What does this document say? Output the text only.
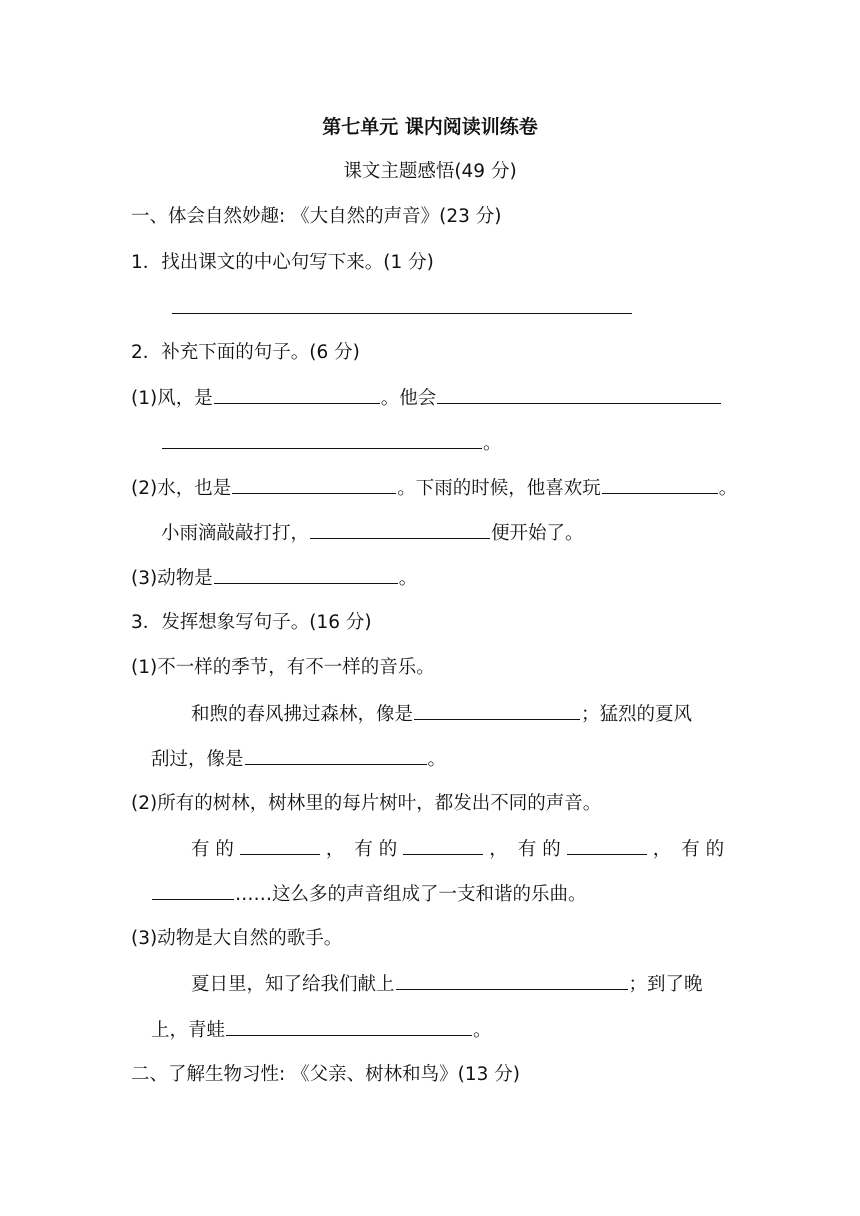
第七单元 课内阅读训练卷
课文主题感悟(49 分)
一、体会自然妙趣: 《大自然的声音》(23 分)
1．找出课文的中心句写下来。(1 分)
2．补充下面的句子。(6 分)
(1)风，是	。他会
。
(2)水，也是	。下雨的时候，他喜欢玩	。
小雨滴敲敲打打，	便开始了。
(3)动物是	。
3．发挥想象写句子。(16 分)
(1)不一样的季节，有不一样的音乐。
和煦的春风拂过森林，像是	；猛烈的夏风
刮过，像是	。
(2)所有的树林，树林里的每片树叶，都发出不同的声音。
有 的	， 有 的	， 有 的	， 有 的
……这么多的声音组成了一支和谐的乐曲。
(3)动物是大自然的歌手。
夏日里，知了给我们献上	；到了晚
上，青蛙	。
二、了解生物习性: 《父亲、树林和鸟》(13 分)
